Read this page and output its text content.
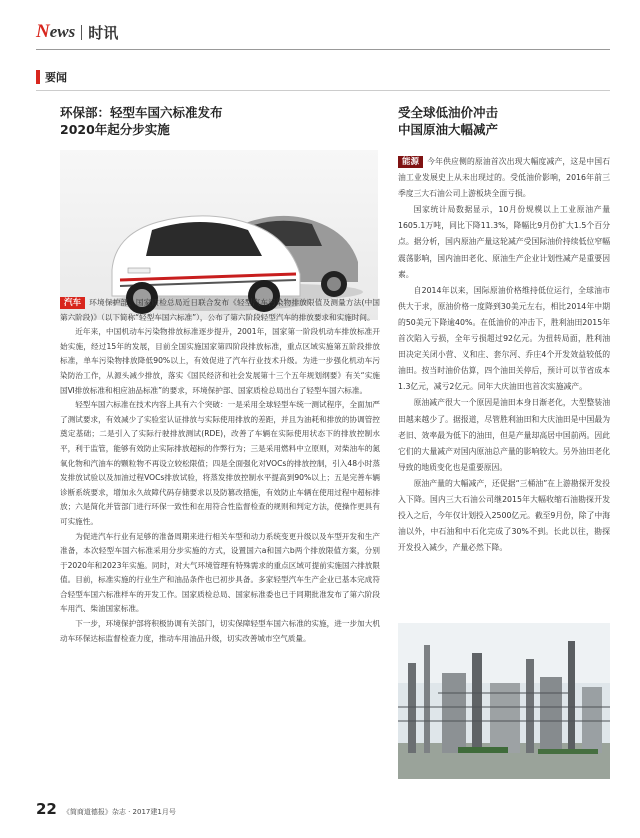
News 时讯
要闻

环保部：轻型车国六标准发布
2020年起分步实施

汽车 环境保护部、国家质检总局近日联合发布《轻型汽车污染物排放限值及测量方法(中国第六阶段)》（以下简称“轻型车国六标准”），公布了第六阶段轻型汽车的排放要求和实施时间。

近年来，中国机动车污染物排放标准逐步提升，2001年，国家第一阶段机动车排放标准开始实施，经过15年的发展，目前全国实施国家第四阶段排放标准，重点区域实施第五阶段排放标准，单车污染物排放降低90%以上，有效促进了汽车行业技术升级。为进一步强化机动车污染防治工作，从源头减少排放，落实《国民经济和社会发展第十三个五年规划纲要》有关“实施国Ⅵ排放标准和相应油品标准”的要求，环境保护部、国家质检总局出台了轻型车国六标准。

轻型车国六标准在技术内容上具有六个突破：一是采用全球轻型车统一测试程序，全面加严了测试要求，有效减少了实验室认证排放与实际使用排放的差距，并且为油耗和排放的协调管控奠定基础；二是引入了实际行驶排放测试(RDE)，改善了车辆在实际使用状态下的排放控制水平，利于监管，能够有效防止实际排放超标的作弊行为；三是采用燃料中立原则，对柴油车的氮氧化物和汽油车的颗粒物不再设立较松限值；四是全面强化对VOCs的排放控制，引入48小时蒸发排放试验以及加油过程VOCs排放试验，将蒸发排放控制水平提高到90%以上；五是完善车辆诊断系统要求，增加永久故障代码存储要求以及防篡改措施，有效防止车辆在使用过程中超标排放；六是简化并管部门进行环保一致性和在用符合性监督检查的规则和判定方法，使操作更具有可实施性。

为促进汽车行业有足够的准备周期来进行相关车型和动力系统变更升级以及车型开发和生产准备，本次轻型车国六标准采用分步实施的方式，设置国六a和国六b两个排放限值方案，分别于2020年和2023年实施。同时，对大气环境管理有特殊需求的重点区域可提前实施国六排放限值。目前，标准实施的行业生产和油品条件也已初步具备。多家轻型汽车生产企业已基本完成符合轻型车国六标准样车的开发工作。国家质检总局、国家标准委也已于同期批准发布了第六阶段车用汽、柴油国家标准。

下一步，环境保护部将积极协调有关部门，切实保障轻型车国六标准的实施，进一步加大机动车环保达标监督检查力度，推动车用油品升级，切实改善城市空气质量。

受全球低油价冲击
中国原油大幅减产

能源 今年供应侧的原油首次出现大幅度减产，这是中国石油工业发展史上从未出现过的。受低油价影响，2016年前三季度三大石油公司上游板块全面亏损。

国家统计局数据显示，10月份规模以上工业原油产量1605.1万吨，同比下降11.3%，降幅比9月份扩大1.5个百分点。据分析，国内原油产量这轮减产受国际油价持续低位窄幅震荡影响，国内油田老化、原油生产企业计划性减产是重要因素。

自2014年以来，国际原油价格维持低位运行，全球油市供大于求，原油价格一度降到30美元左右，相比2014年中期的50美元下降逾40%。在低油价的冲击下，胜利油田2015年首次陷入亏损，全年亏损超过92亿元。为扭转局面，胜利油田决定关闭小营、义和庄、套尔河、乔庄4个开发效益较低的油田。按当时油价估算，四个油田关停后，预计可以节省成本1.3亿元，减亏2亿元。同年大庆油田也首次实施减产。

原油减产很大一个原因是油田本身日渐老化，大型整装油田越来越少了。据报道，尽管胜利油田和大庆油田是中国最为老旧、效率最为低下的油田，但是产量却高居中国前两。因此它们的大量减产对国内原油总产量的影响较大。另外油田老化导致的地质变化也是重要原因。

原油产量的大幅减产，还促据“三桶油”在上游勘探开发投入下降。国内三大石油公司继2015年大幅收缩石油勘探开发投入之后，今年仅计划投入2500亿元。截至9月份，除了中海油以外，中石油和中石化完成了30%不到。长此以往，勘探开发投入减少，产量必然下降。

22 《简商道德报》杂志 · 2017建1月号
